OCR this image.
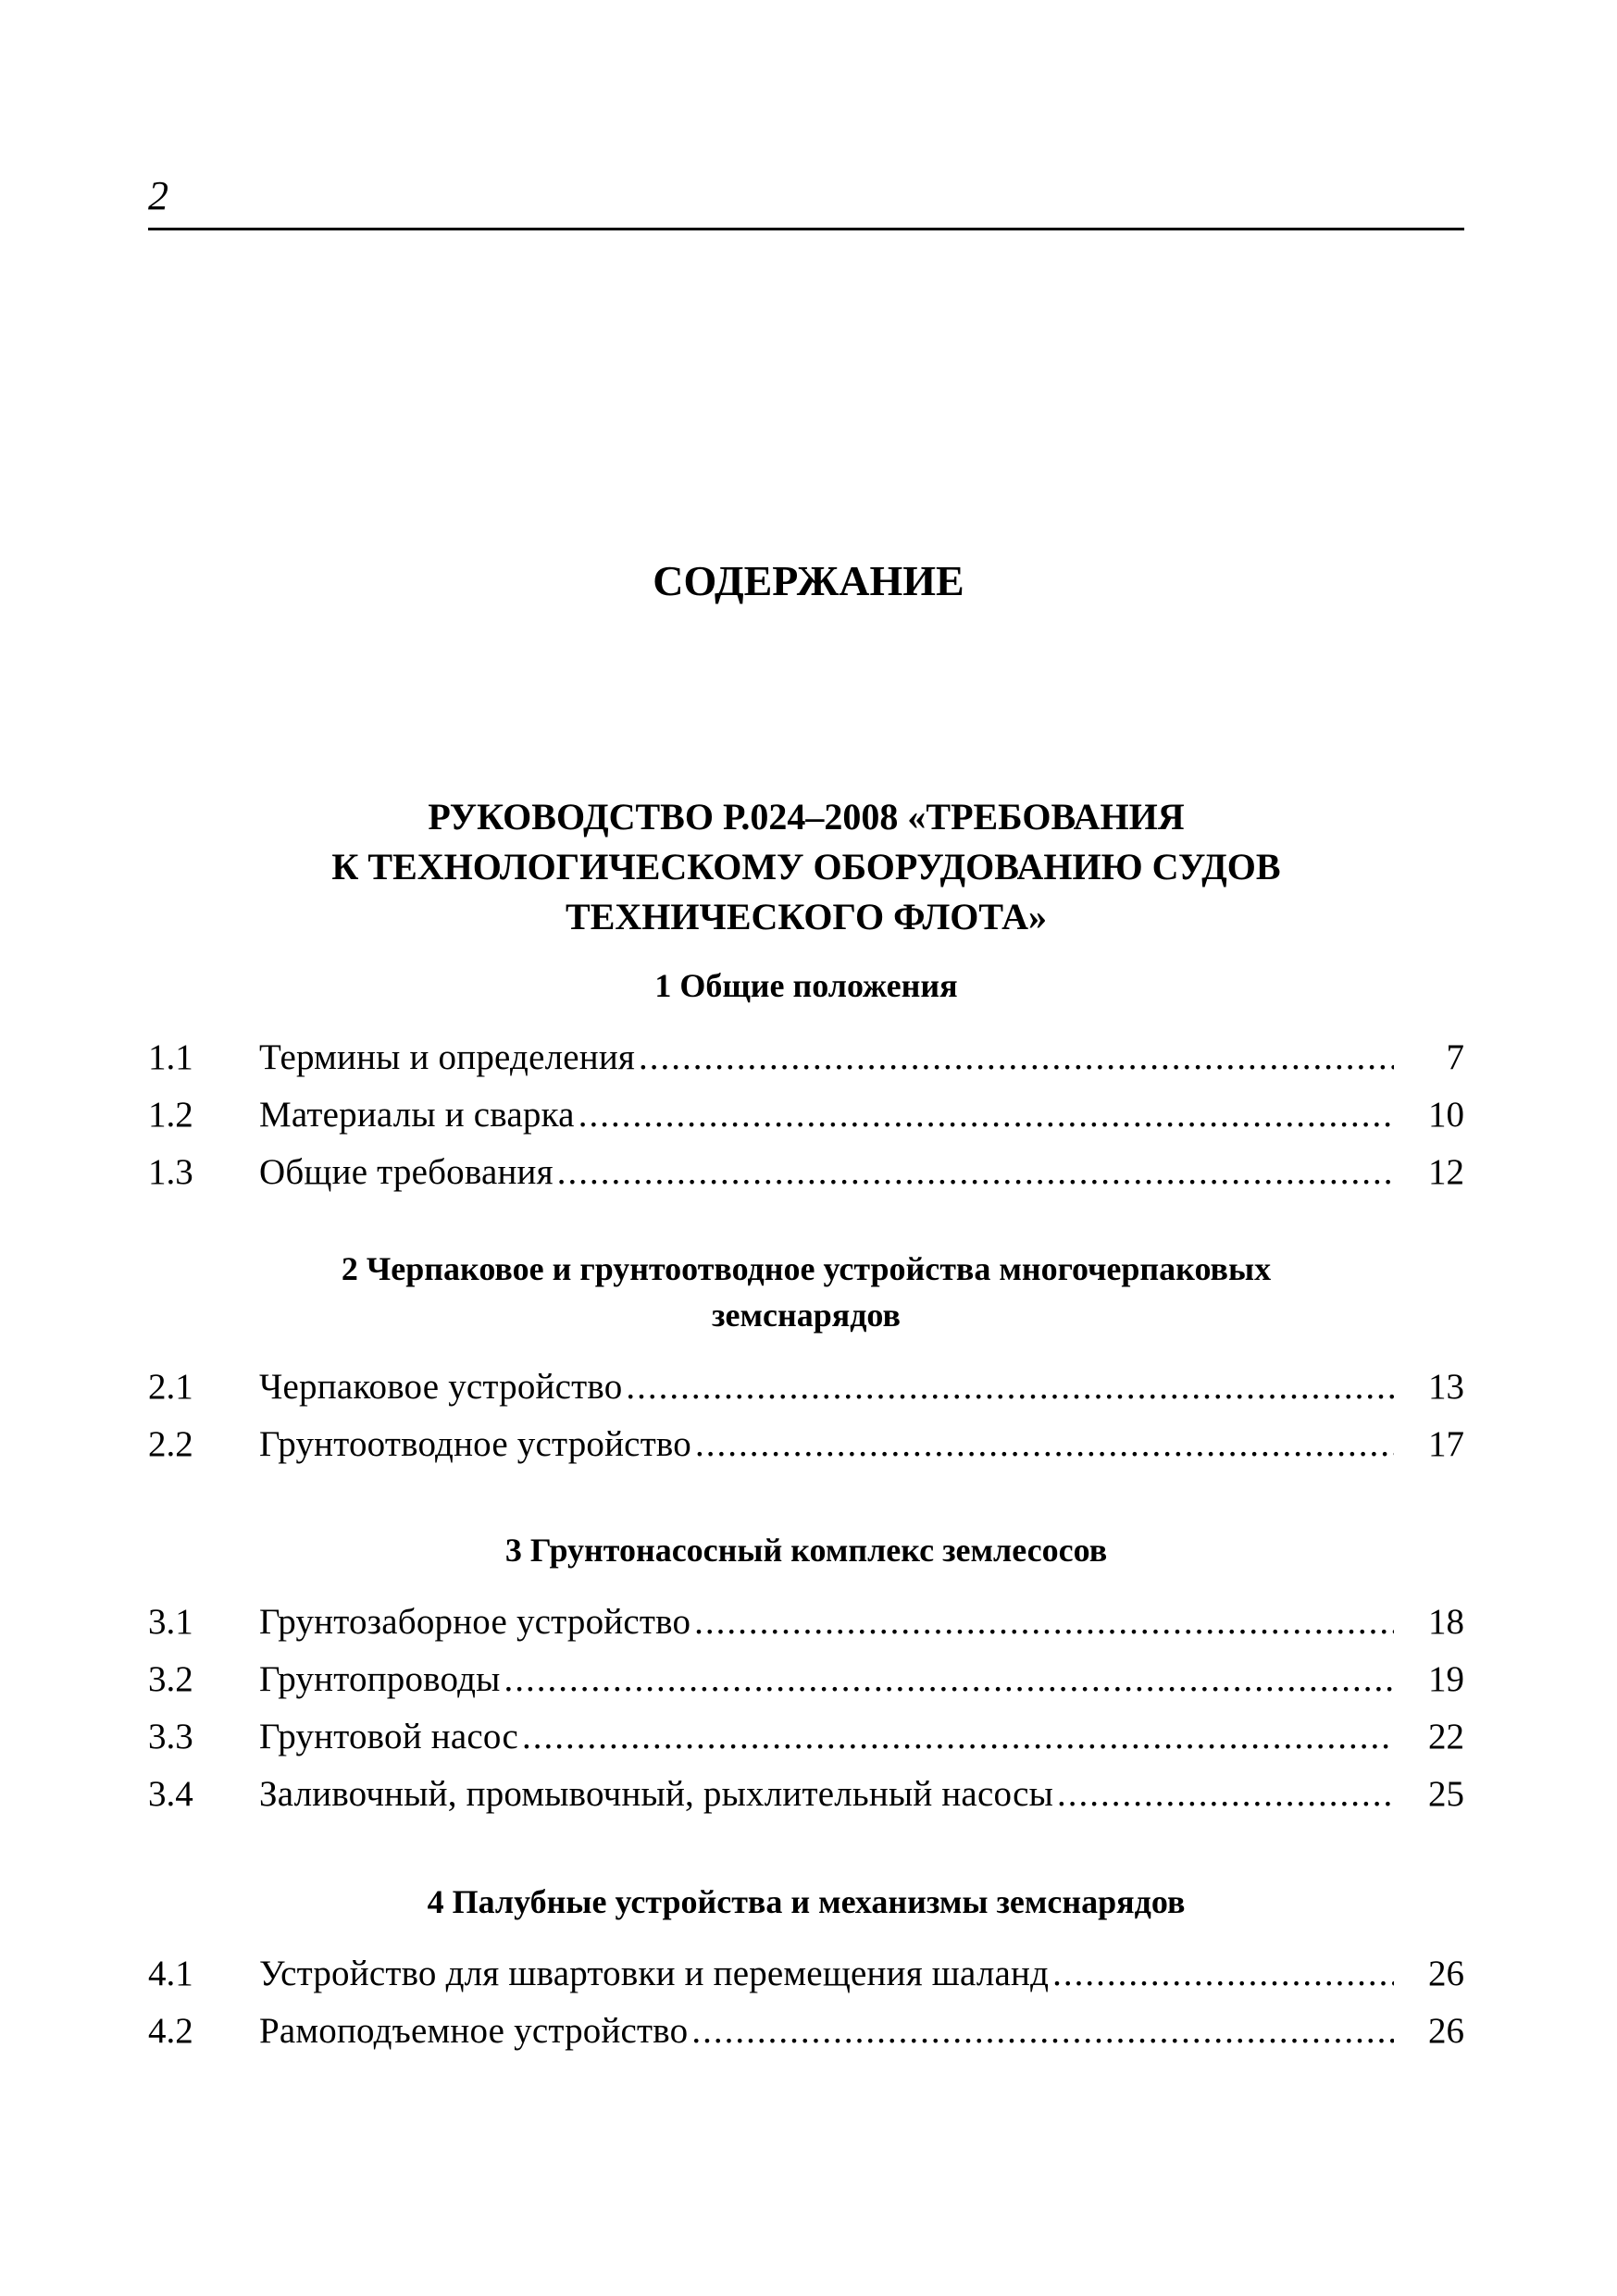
2
СОДЕРЖАНИЕ
РУКОВОДСТВО Р.024–2008 «ТРЕБОВАНИЯ
К ТЕХНОЛОГИЧЕСКОМУ ОБОРУДОВАНИЮ СУДОВ
ТЕХНИЧЕСКОГО ФЛОТА»
1 Общие положения
1.1	Термины и определения .....	7
1.2	Материалы и сварка .....	10
1.3	Общие требования .....	12
2 Черпаковое и грунтоотводное устройства многочерпаковых
земснарядов
2.1	Черпаковое устройство .....	13
2.2	Грунтоотводное устройство .....	17
3 Грунтонасосный комплекс землесосов
3.1	Грунтозаборное устройство .....	18
3.2	Грунтопроводы .....	19
3.3	Грунтовой насос .....	22
3.4	Заливочный, промывочный, рыхлительный насосы .....	25
4 Палубные устройства и механизмы земснарядов
4.1	Устройство для швартовки и перемещения шаланд .....	26
4.2	Рамоподъемное устройство .....	26
